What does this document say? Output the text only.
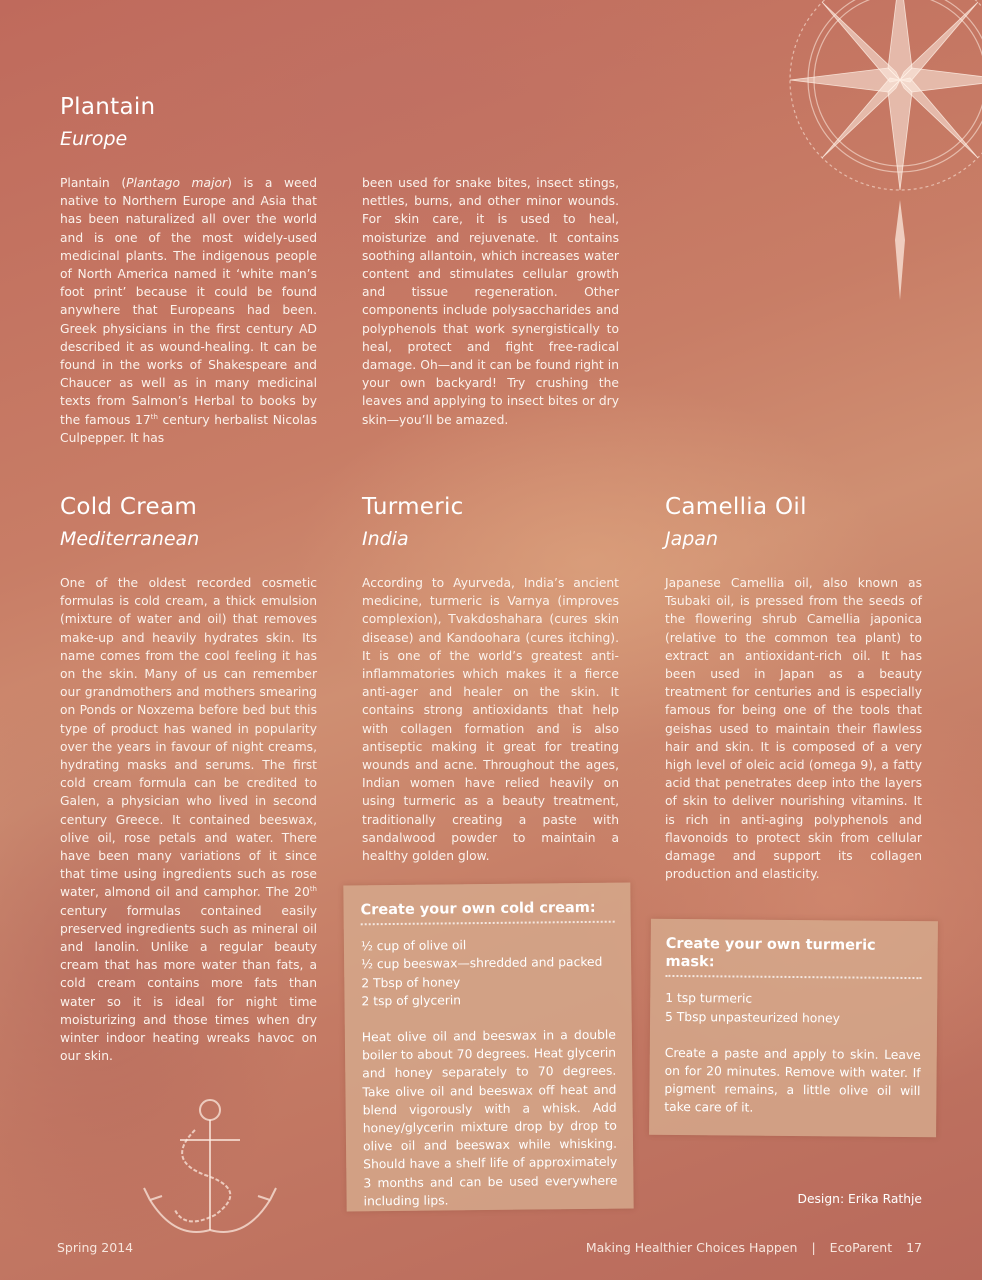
Plantain
Europe

Plantain (Plantago major) is a weed native to Northern Europe and Asia that has been naturalized all over the world and is one of the most widely-used medicinal plants. The indigenous people of North America named it ‘white man’s foot print’ because it could be found anywhere that Europeans had been. Greek physicians in the first century AD described it as wound-healing. It can be found in the works of Shakespeare and Chaucer as well as in many medicinal texts from Salmon’s Herbal to books by the famous 17th century herbalist Nicolas Culpepper. It has

been used for snake bites, insect stings, nettles, burns, and other minor wounds. For skin care, it is used to heal, moisturize and rejuvenate. It contains soothing allantoin, which increases water content and stimulates cellular growth and tissue regeneration. Other components include polysaccharides and polyphenols that work synergistically to heal, protect and fight free-radical damage. Oh—and it can be found right in your own backyard! Try crushing the leaves and applying to insect bites or dry skin—you’ll be amazed.

Cold Cream
Mediterranean

One of the oldest recorded cosmetic formulas is cold cream, a thick emulsion (mixture of water and oil) that removes make-up and heavily hydrates skin. Its name comes from the cool feeling it has on the skin. Many of us can remember our grandmothers and mothers smearing on Ponds or Noxzema before bed but this type of product has waned in popularity over the years in favour of night creams, hydrating masks and serums. The first cold cream formula can be credited to Galen, a physician who lived in second century Greece. It contained beeswax, olive oil, rose petals and water. There have been many variations of it since that time using ingredients such as rose water, almond oil and camphor. The 20th century formulas contained easily preserved ingredients such as mineral oil and lanolin. Unlike a regular beauty cream that has more water than fats, a cold cream contains more fats than water so it is ideal for night time moisturizing and those times when dry winter indoor heating wreaks havoc on our skin.

Turmeric
India

According to Ayurveda, India’s ancient medicine, turmeric is Varnya (improves complexion), Tvakdoshahara (cures skin disease) and Kandoohara (cures itching). It is one of the world’s greatest anti-inflammatories which makes it a fierce anti-ager and healer on the skin. It contains strong antioxidants that help with collagen formation and is also antiseptic making it great for treating wounds and acne. Throughout the ages, Indian women have relied heavily on using turmeric as a beauty treatment, traditionally creating a paste with sandalwood powder to maintain a healthy golden glow.

Camellia Oil
Japan

Japanese Camellia oil, also known as Tsubaki oil, is pressed from the seeds of the flowering shrub Camellia japonica (relative to the common tea plant) to extract an antioxidant-rich oil. It has been used in Japan as a beauty treatment for centuries and is especially famous for being one of the tools that geishas used to maintain their flawless hair and skin. It is composed of a very high level of oleic acid (omega 9), a fatty acid that penetrates deep into the layers of skin to deliver nourishing vitamins. It is rich in anti-aging polyphenols and flavonoids to protect skin from cellular damage and support its collagen production and elasticity.

Create your own cold cream:
½ cup of olive oil
½ cup beeswax—shredded and packed
2 Tbsp of honey
2 tsp of glycerin
Heat olive oil and beeswax in a double boiler to about 70 degrees. Heat glycerin and honey separately to 70 degrees. Take olive oil and beeswax off heat and blend vigorously with a whisk. Add honey/glycerin mixture drop by drop to olive oil and beeswax while whisking. Should have a shelf life of approximately 3 months and can be used everywhere including lips.
Create your own turmeric mask:
1 tsp turmeric
5 Tbsp unpasteurized honey
Create a paste and apply to skin. Leave on for 20 minutes. Remove with water. If pigment remains, a little olive oil will take care of it.
Design: Erika Rathje
Spring 2014	Making Healthier Choices Happen | EcoParent 17
